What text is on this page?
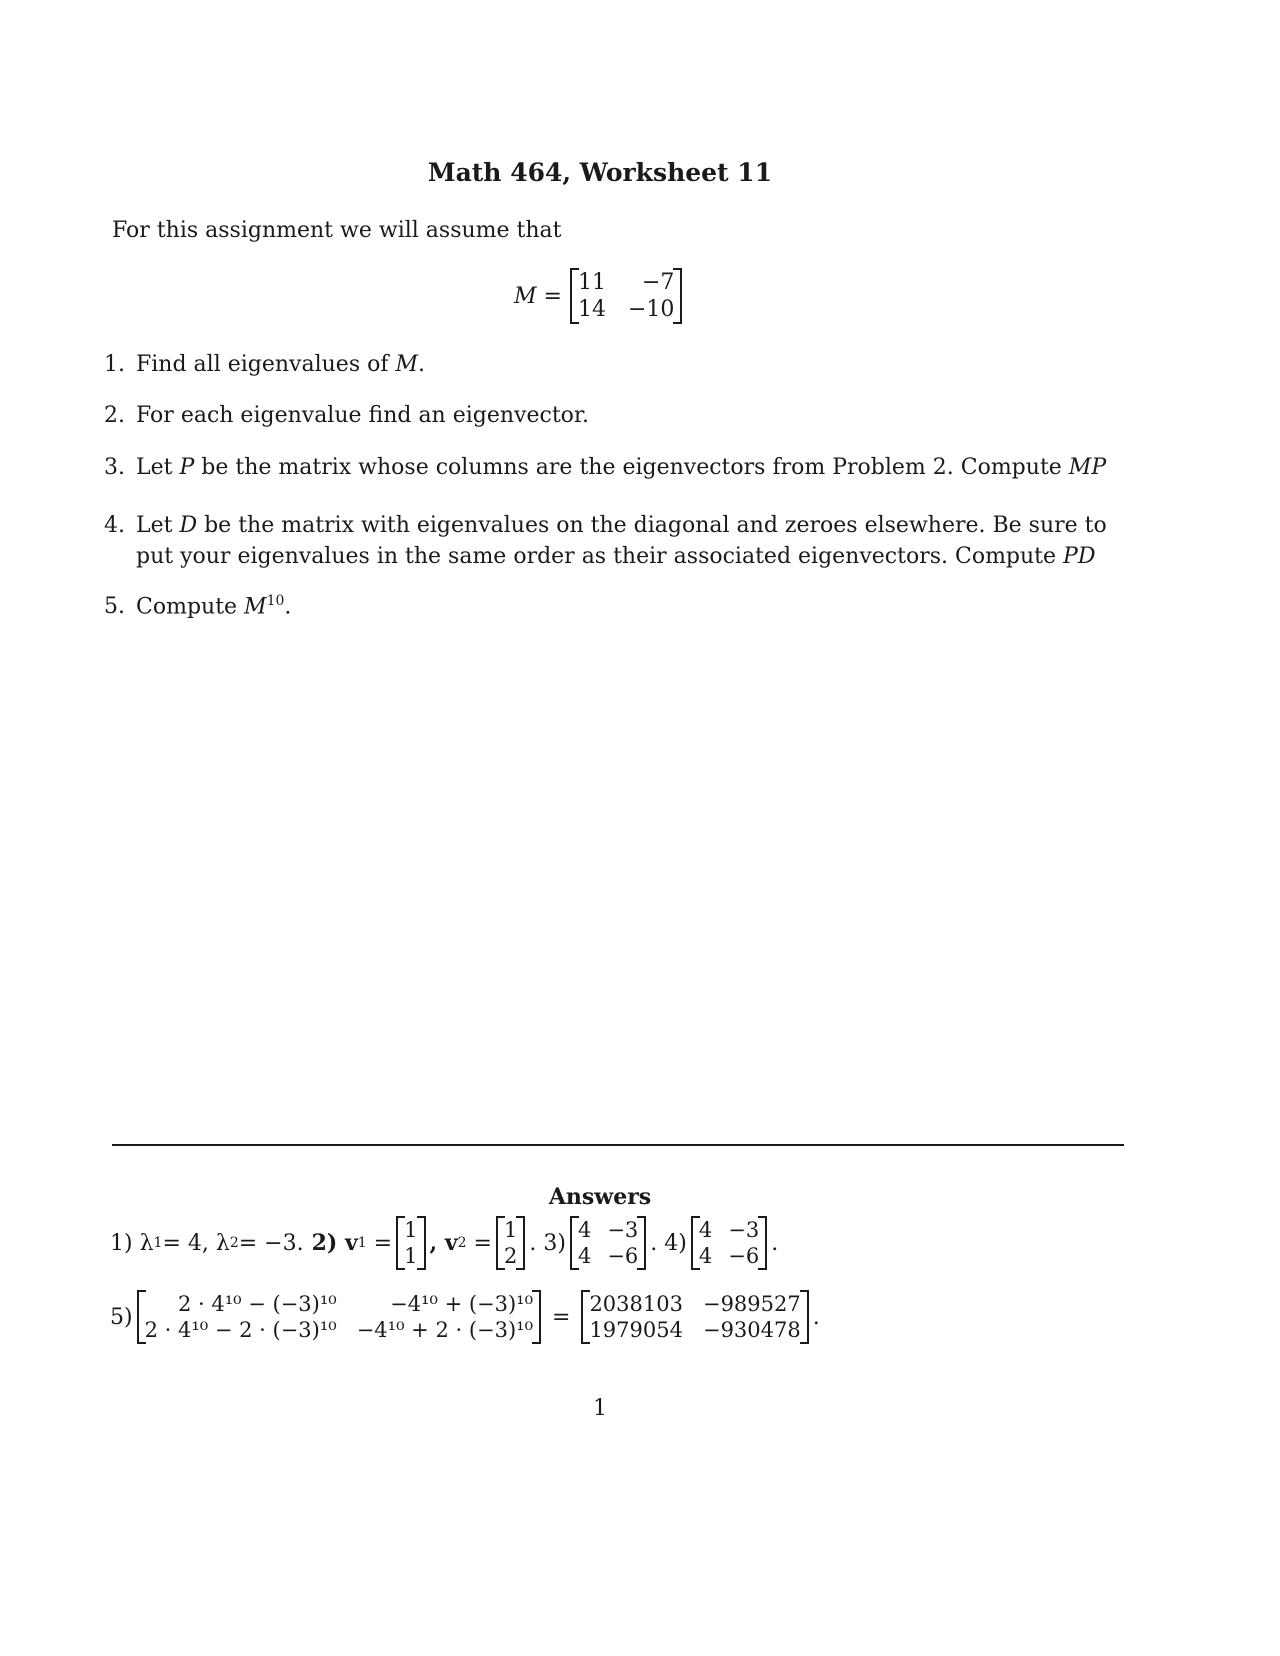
Math 464, Worksheet 11
For this assignment we will assume that
M =
11	−7
14 −10
1. Find all eigenvalues of M.
2. For each eigenvalue find an eigenvector.
3. Let P be the matrix whose columns are the eigenvectors from Problem 2. Compute MP
4. Let D be the matrix with eigenvalues on the diagonal and zeroes elsewhere. Be sure to put your eigenvalues in the same order as their associated eigenvectors. Compute PD
5. Compute $M^{10}$.
Answers
1) λ 1 = 4, λ 2 = −3. 2) v 1 =
1
1 , v 2 =
1
2
. 3)
4 −3
4 −6
. 4)
4 −3
4 −6
.
5)
2 · 4¹⁰ − (−3)¹⁰	−4¹⁰ + (−3)¹⁰
2 · 4¹⁰ − 2 · (−3)¹⁰ −4¹⁰ + 2 · (−3)¹⁰
=
2038103 −989527
1979054 −930478
.
1
